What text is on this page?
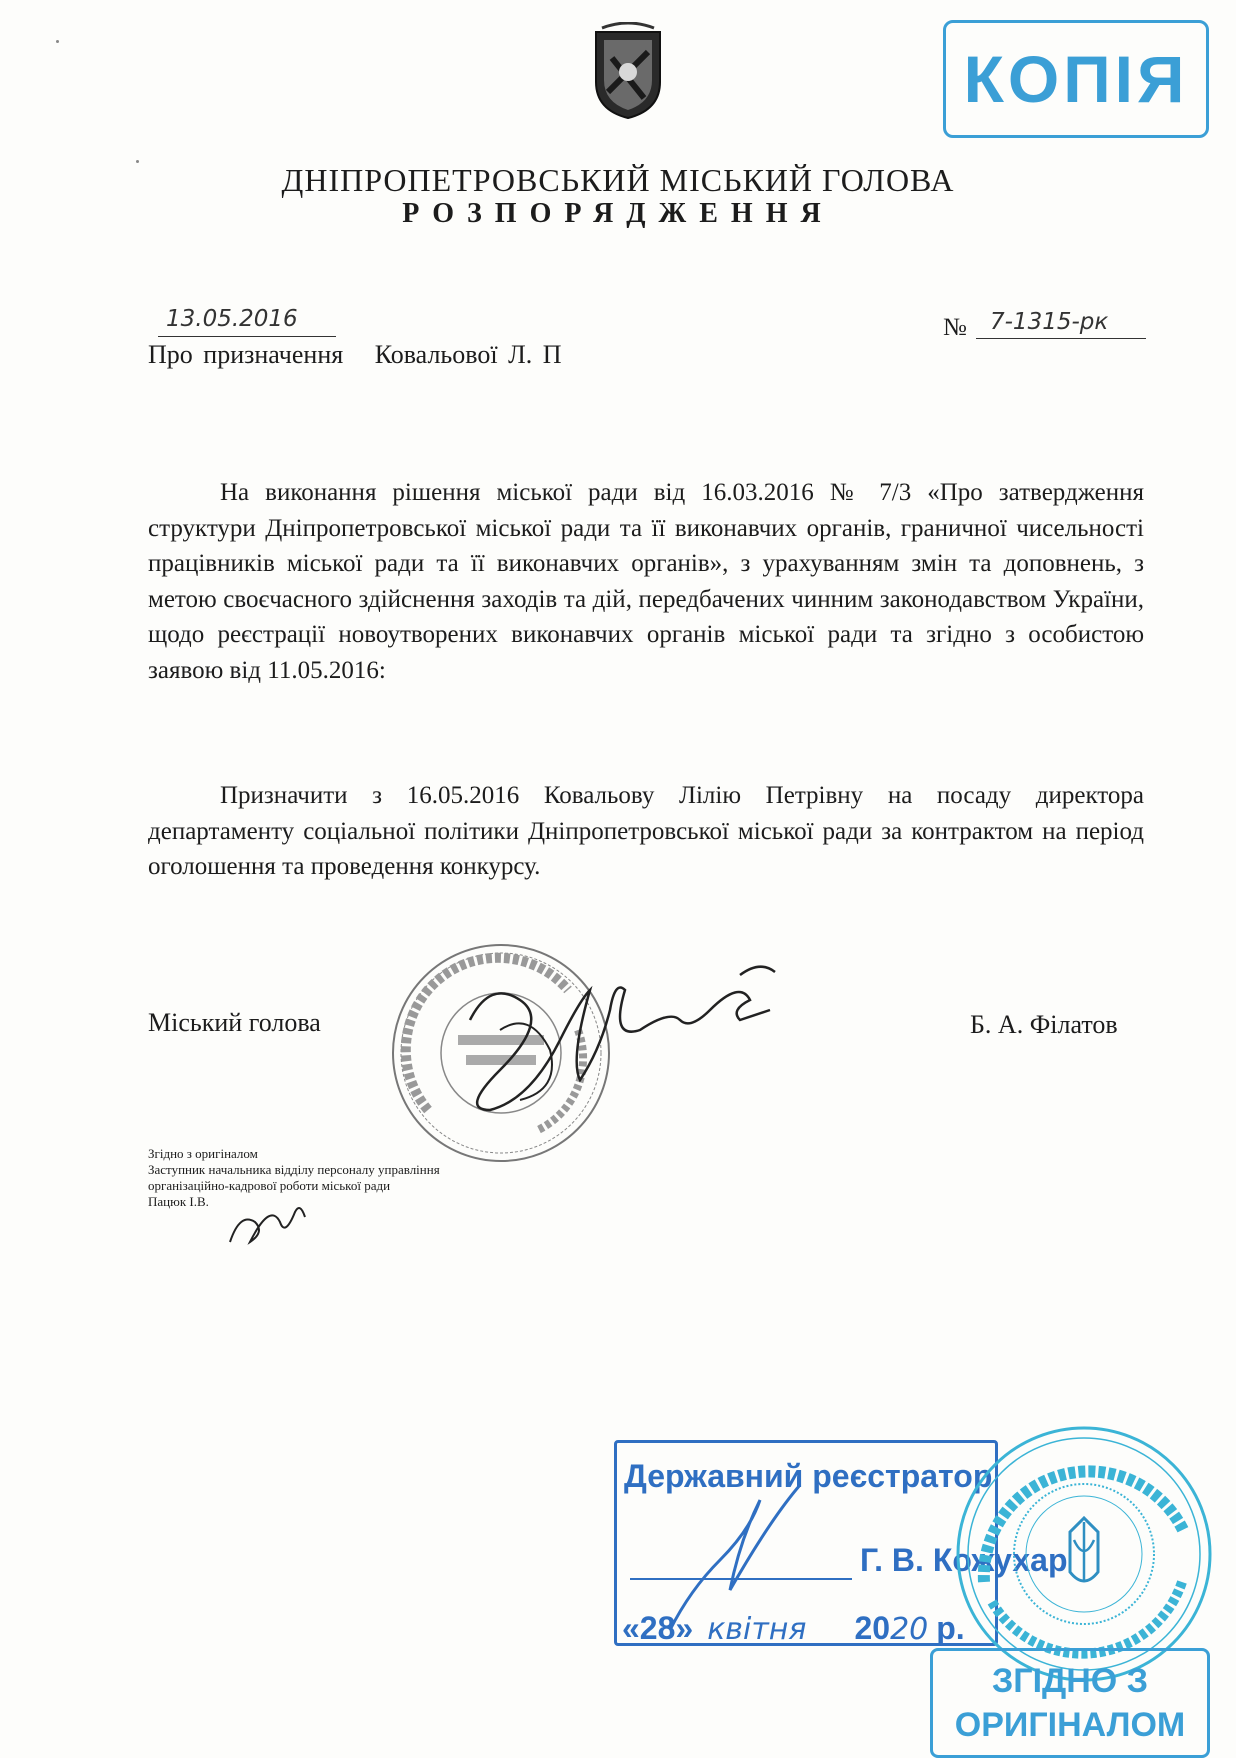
КОПІЯ
ДНІПРОПЕТРОВСЬКИЙ МІСЬКИЙ ГОЛОВА
РОЗПОРЯДЖЕННЯ
13.05.2016	№ 7-1315-рк
Про призначення   Ковальової Л. П

На виконання рішення міської ради від 16.03.2016 № 7/3 «Про затвердження структури Дніпропетровської міської ради та її виконавчих органів, граничної чисельності працівників міської ради та її виконавчих органів», з урахуванням змін та доповнень, з метою своєчасного здійснення заходів та дій, передбачених чинним законодавством України, щодо реєстрації новоутворених виконавчих органів міської ради та згідно з особистою заявою від 11.05.2016:

Призначити з 16.05.2016 Ковальову Лілію Петрівну на посаду директора департаменту соціальної політики Дніпропетровської міської ради за контрактом на період оголошення та проведення конкурсу.

Міський голова	Б. А. Філатов
Згідно з оригіналом
Заступник начальника відділу персоналу управління
організаційно-кадрової роботи міської ради
Пацюк І.В.
Державний реєстратор
Г. В. Кожухар
«28» квітня 2020 р.
ЗГІДНО З
ОРИГІНАЛОМ
